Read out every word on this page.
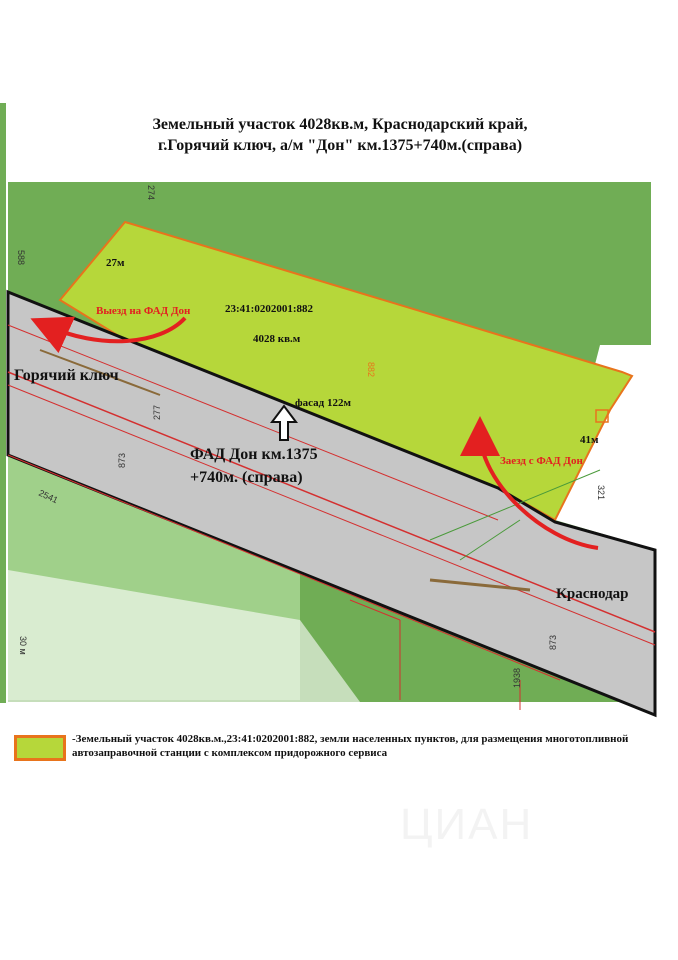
Земельный участок 4028кв.м, Краснодарский край,
г.Горячий ключ, а/м "Дон" км.1375+740м.(справа)
588
274
277
873
2541
873
1938
321
882
30 м
Выезд на ФАД Дон	23:41:0202001:882
4028 кв.м
27м
фасад 122м
41м
Заезд с ФАД Дон
Горячий ключ
Краснодар
ФАД Дон км.1375
+740м. (справа)
-Земельный участок 4028кв.м.,23:41:0202001:882, земли населенных пунктов, для размещения многотопливной автозаправочной станции с комплексом придорожного сервиса
ЦИАН
